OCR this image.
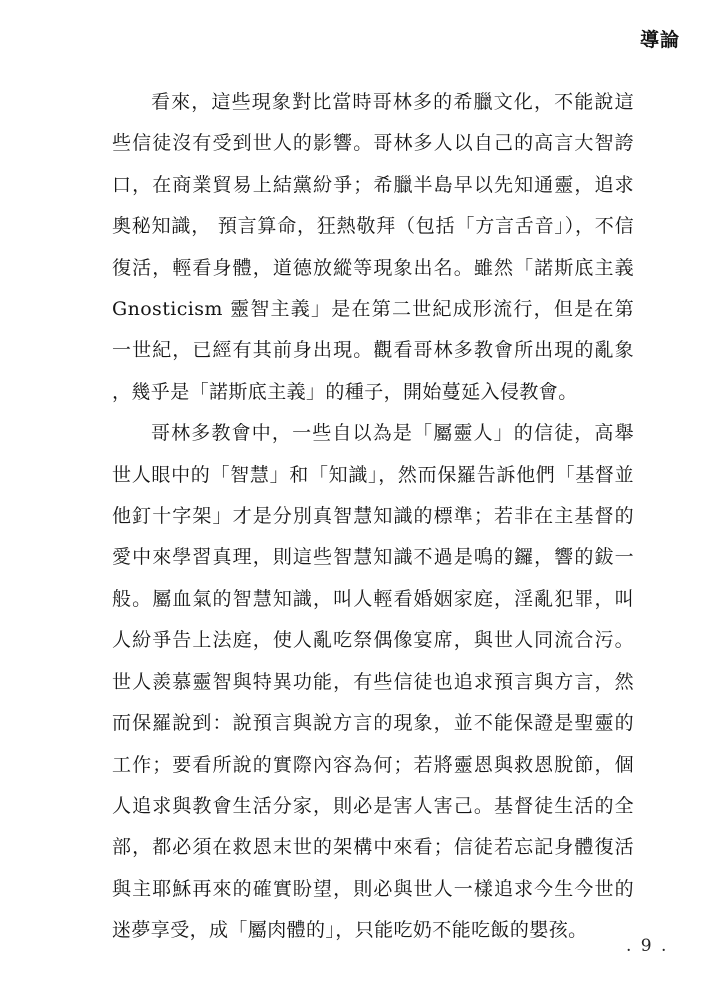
導論

看來，這些現象對比當時哥林多的希臘文化，不能說這些信徒沒有受到世人的影響。哥林多人以自己的高言大智誇口，在商業貿易上結黨紛爭；希臘半島早以先知通靈，追求奧秘知識， 預言算命，狂熱敬拜（包括「方言舌音」），不信復活，輕看身體，道德放縱等現象出名。雖然「諾斯底主義 Gnosticism 靈智主義」是在第二世紀成形流行，但是在第一世紀，已經有其前身出現。觀看哥林多教會所出現的亂象，幾乎是「諾斯底主義」的種子，開始蔓延入侵教會。

哥林多教會中，一些自以為是「屬靈人」的信徒，高舉世人眼中的「智慧」和「知識」，然而保羅告訴他們「基督並他釘十字架」才是分別真智慧知識的標準；若非在主基督的愛中來學習真理，則這些智慧知識不過是鳴的鑼，響的鈸一般。屬血氣的智慧知識，叫人輕看婚姻家庭，淫亂犯罪，叫人紛爭告上法庭，使人亂吃祭偶像宴席，與世人同流合污。世人羨慕靈智與特異功能，有些信徒也追求預言與方言，然而保羅說到：說預言與說方言的現象，並不能保證是聖靈的工作；要看所說的實際內容為何；若將靈恩與救恩脫節，個人追求與教會生活分家，則必是害人害己。基督徒生活的全部，都必須在救恩末世的架構中來看；信徒若忘記身體復活與主耶穌再來的確實盼望，則必與世人一樣追求今生今世的迷夢享受，成「屬肉體的」，只能吃奶不能吃飯的嬰孩。

. 9 .
